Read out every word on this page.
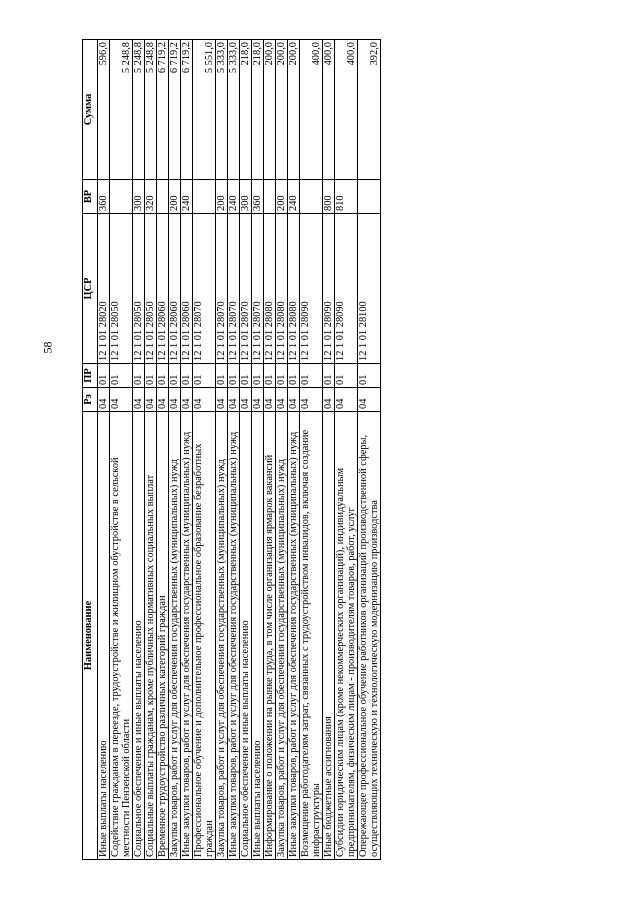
58
Наименование	Рз	ПР	ЦСР	ВР	Сумма
Иные выплаты населению	04	01	12 1 01 28020	360	596,0
Содействие гражданам в переезде, трудоустройстве и жилищном обустройстве в сельской местности Пензенской области	04	01	12 1 01 28050		5 248,8
Социальное обеспечение и иные выплаты населению	04	01	12 1 01 28050	300	5 248,8
Социальные выплаты гражданам, кроме публичных нормативных социальных выплат	04	01	12 1 01 28050	320	5 248,8
Временное трудоустройство различных категорий граждан	04	01	12 1 01 28060		6 719,2
Закупка товаров, работ и услуг для обеспечения государственных (муниципальных) нужд	04	01	12 1 01 28060	200	6 719,2
Иные закупки товаров, работ и услуг для обеспечения государственных (муниципальных) нужд	04	01	12 1 01 28060	240	6 719,2
Профессиональное обучение и дополнительное профессиональное образование безработных граждан	04	01	12 1 01 28070		5 551,0
Закупка товаров, работ и услуг для обеспечения государственных (муниципальных) нужд	04	01	12 1 01 28070	200	5 333,0
Иные закупки товаров, работ и услуг для обеспечения государственных (муниципальных) нужд	04	01	12 1 01 28070	240	5 333,0
Социальное обеспечение и иные выплаты населению	04	01	12 1 01 28070	300	218,0
Иные выплаты населению	04	01	12 1 01 28070	360	218,0
Информирование о положении на рынке труда, в том числе организация ярмарок вакансий	04	01	12 1 01 28080		200,0
Закупка товаров, работ и услуг для обеспечения государственных (муниципальных) нужд	04	01	12 1 01 28080	200	200,0
Иные закупки товаров, работ и услуг для обеспечения государственных (муниципальных) нужд	04	01	12 1 01 28080	240	200,0
Возмещение работодателям затрат, связанных с трудоустройством инвалидов, включая создание инфраструктуры	04	01	12 1 01 28090		400,0
Иные бюджетные ассигнования	04	01	12 1 01 28090	800	400,0
Субсидии юридическим лицам (кроме некоммерческих организаций), индивидуальным предпринимателям, физическим лицам - производителям товаров, работ, услуг	04	01	12 1 01 28090	810	400,0
Опережающее профессиональное обучение работников организаций производственной сферы, осуществляющих техническую и технологическую модернизацию производства	04	01	12 1 01 28100		392,0
